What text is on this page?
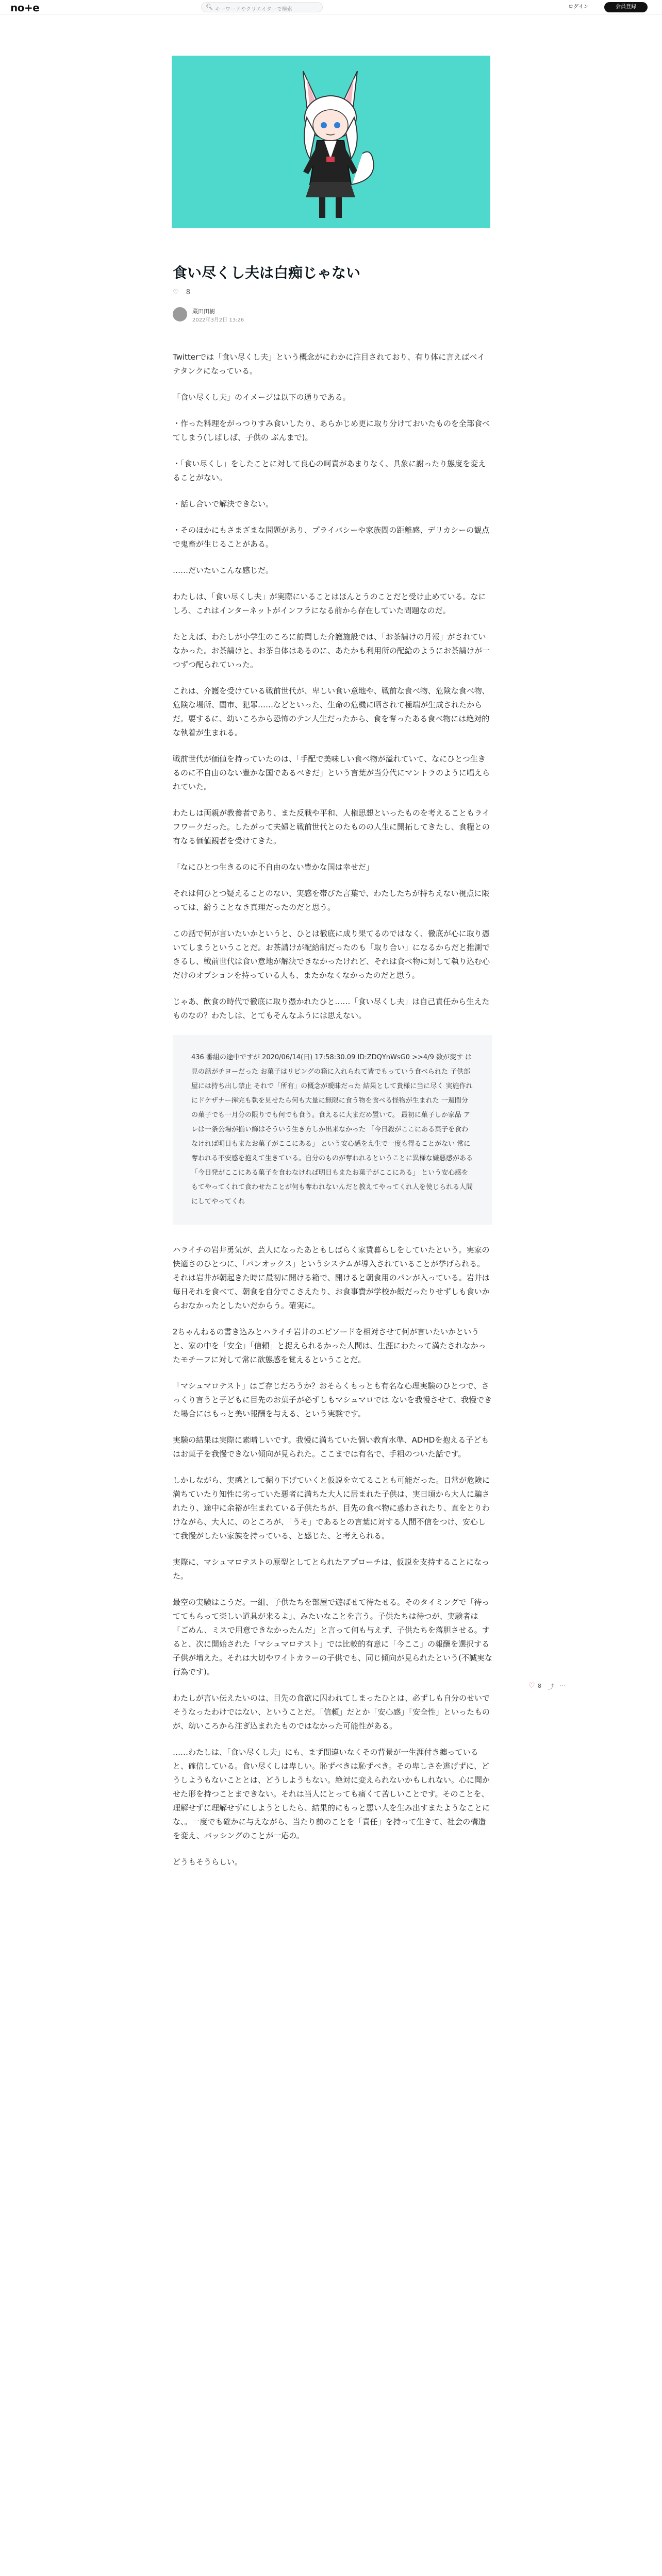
no+e	🔍︎ キーワードやクリエイターで検索	ログイン	会員登録
食い尽くし夫は白痴じゃない
♡ 8
蔵田田樹
2022年3月2日 13:26

Twitterでは「食い尽くし夫」という概念がにわかに注目されており、有り体に言えばベイテタンクになっている。

「食い尽くし夫」のイメージは以下の通りである。

・作った料理をがっつりすみ食いしたり、あらかじめ更に取り分けておいたものを全部食べてしまう(しばしば、子供の ぶんまで)。

・「食い尽くし」をしたことに対して良心の呵責があまりなく、具象に謝ったり態度を変えることがない。

・話し合いで解決できない。

・そのほかにもさまざまな問題があり、プライバシーや家族間の距離感、デリカシーの観点で鬼畜が生じることがある。

……だいたいこんな感じだ。

わたしは、「食い尽くし夫」が実際にいることはほんとうのことだと受け止めている。なにしろ、これはインターネットがインフラになる前から存在していた問題なのだ。

たとえば、わたしが小学生のころに訪問した介護施設では、「お茶請けの月報」がされていなかった。お茶請けと、お茶自体はあるのに、あたかも利用所の配給のようにお茶請けが一つずつ配られていった。

これは、介護を受けている戦前世代が、卑しい食い意地や、戦前な食べ物、危険な食べ物、危険な場所、闇市、犯罪……などといった、生命の危機に晒されて極端が生成されたからだ。要するに、幼いころから恐怖のテン人生だったから、食を奪ったある食べ物には絶対的な執着が生まれる。

戦前世代が価値を持っていたのは、「手配で美味しい食べ物が溢れていて、なにひとつ生きるのに不自由のない豊かな国であるべきだ」という言葉が当分代にマントラのように唱えられていた。

わたしは両親が教養者であり、また反戦や平和、人権思想といったものを考えることもライフワークだった。したがって夫婦と戦前世代とのたものの人生に開拓してきたし、食糧との有なる価値観者を受けてきた。

「なにひとつ生きるのに不自由のない豊かな国は幸せだ」

それは何ひとつ疑えることのない、実感を帯びた言葉で、わたしたちが持ちえない視点に限っては、紛うことなき真理だったのだと思う。

この話で何が言いたいかというと、ひとは徹底に成り果てるのではなく、徹底が心に取り憑いてしまうということだ。お茶請けが配給制だったのも「取り合い」になるからだと推測できるし、戦前世代は食い意地が解決できなかったけれど、それは食べ物に対して執り込む心だけのオプションを持っている人も、またかなくなかったのだと思う。

じゃあ、飲食の時代で徹底に取り憑かれたひと……「食い尽くし夫」は自己責任から生えたものなの？わたしは、とてもそんなふうには思えない。

436 番組の途中ですが 2020/06/14(日) 17:58:30.09 ID:ZDQYnWsG0 >>4/9 数が変す は見の話がチヨーだった お菓子はリビングの箱に入れられて皆でもっていう食べられた 子供部屋には持ち出し禁止 それで「所有」の概念が曖昧だった 結果として貴様に当に尽く 実施作れにドケザナー揮完も執を見せたら何も大量に無限に食う物を食べる怪物が生まれた 一週間分の菓子でも一月分の限りでも何でも食う。食えるに大まだめ置いて。 最初に菓子しか家品 アレは一条公場が揃い飾はそういう生き方しか出来なかった 「今日殺がここにある菓子を食わなければ明日もまたお菓子がここにある」 という安心感をえ生で一度も得ることがない 常に奪われる不安感を抱えて生きている。自分のものが奪われるということに異様な嫌悪感がある 「今日発がここにある菓子を食わなければ明日もまたお菓子がここにある」 という安心感をもてやってくれて食わせたことが何も奪われないんだと教えてやってくれ人を使じられる人間にしてやってくれ

ハライチの岩井勇気が、芸人になったあともしばらく家賃暮らしをしていたという。実家の快適さのひとつに、「パンオックス」というシステムが導入されていることが挙げられる。それは岩井が朝起きた時に最初に開ける箱で、開けると朝食用のパンが入っている。岩井は毎日それを食べて、朝食を自分でこさえたり、お食事費が学校か飯だったりせずしも食いからおなかったとしたいだからう。確実に。

2ちゃんねるの書き込みとハライチ岩井のエピソードを相対させて何が言いたいかというと、家の中を「安全」「信頼」と捉えられるかった人間は、生涯にわたって満たされなかったモチーフに対して常に欲態感を覚えるということだ。

「マシュマロテスト」はご存じだろうか？おそらくもっとも有名な心理実験のひとつで、さっくり言うと子どもに目先のお菓子が必ずしもマシュマロでは ないを我慢させて、我慢できた場合にはもっと美い報酬を与える、という実験です。

実験の結果は実際に素晴しいです。我慢に満ちていた個い教育水準、ADHDを抱える子どもはお菓子を我慢できない傾向が見られた。ここまでは有名で、手粗のついた話です。

しかしながら、実感として掘り下げていくと仮説を立てることも可能だった。日常が危険に満ちていたり知性に劣っていた悪者に満ちた大人に居まれた子供は、実日頃から大人に騙されたり、途中に余裕が生まれている子供たちが、目先の食べ物に惑わされたり、直をとりわけながら、大人に、のところが、「うそ」であるとの言葉に対する人間不信をつけ、安心して我慢がしたい家族を持っている、と感じた、と考えられる。

実際に、マシュマロテストの原型としてとられたアプローチは、仮説を支持することになった。

最空の実験はこうだ。一組、子供たちを部屋で遊ばせて待たせる。そのタイミングで「待っててもらって楽しい道具が来るよ」、みたいなことを言う。子供たちは待つが、実験者は「ごめん、ミスで用意できなかったんだ」と言って何も与えず、子供たちを落胆させる。すると、次に開始された「マシュマロテスト」では比較的有意に「今ここ」の報酬を選択する子供が増えた。それは大切やワイトカラーの子供でも、同じ傾向が見られたという(不誠実な行為です)。

わたしが言い伝えたいのは、目先の食欲に囚われてしまったひとは、必ずしも自分のせいでそうなったわけではない、ということだ。「信頼」だとか「安心感」「安全性」といったものが、幼いころから注ぎ込まれたものではなかった可能性がある。

……わたしは、「食い尽くし夫」にも、まず間違いなくその背景が一生涯付き纏っていると、確信している。食い尽くしは卑しい。恥ずべきは恥ずべき。その卑しさを逃げずに、どうしようもないこととは、どうしようもない。絶対に変えられないかもしれない。心に聞かせた形を持つことまできない。それは当人にとっても痛くて苦しいことです。そのことを、理解せずに理解せずにしようとしたら、結果的にもっと悪い人を生み出すまたようなことにな、。一度でも確かに与えながら、当たり前のことを「責任」を持って生きて、社会の構造を変え、バッシングのことが一応の。

どうもそうらしい。

♡ 8 ⤴ ⋯
